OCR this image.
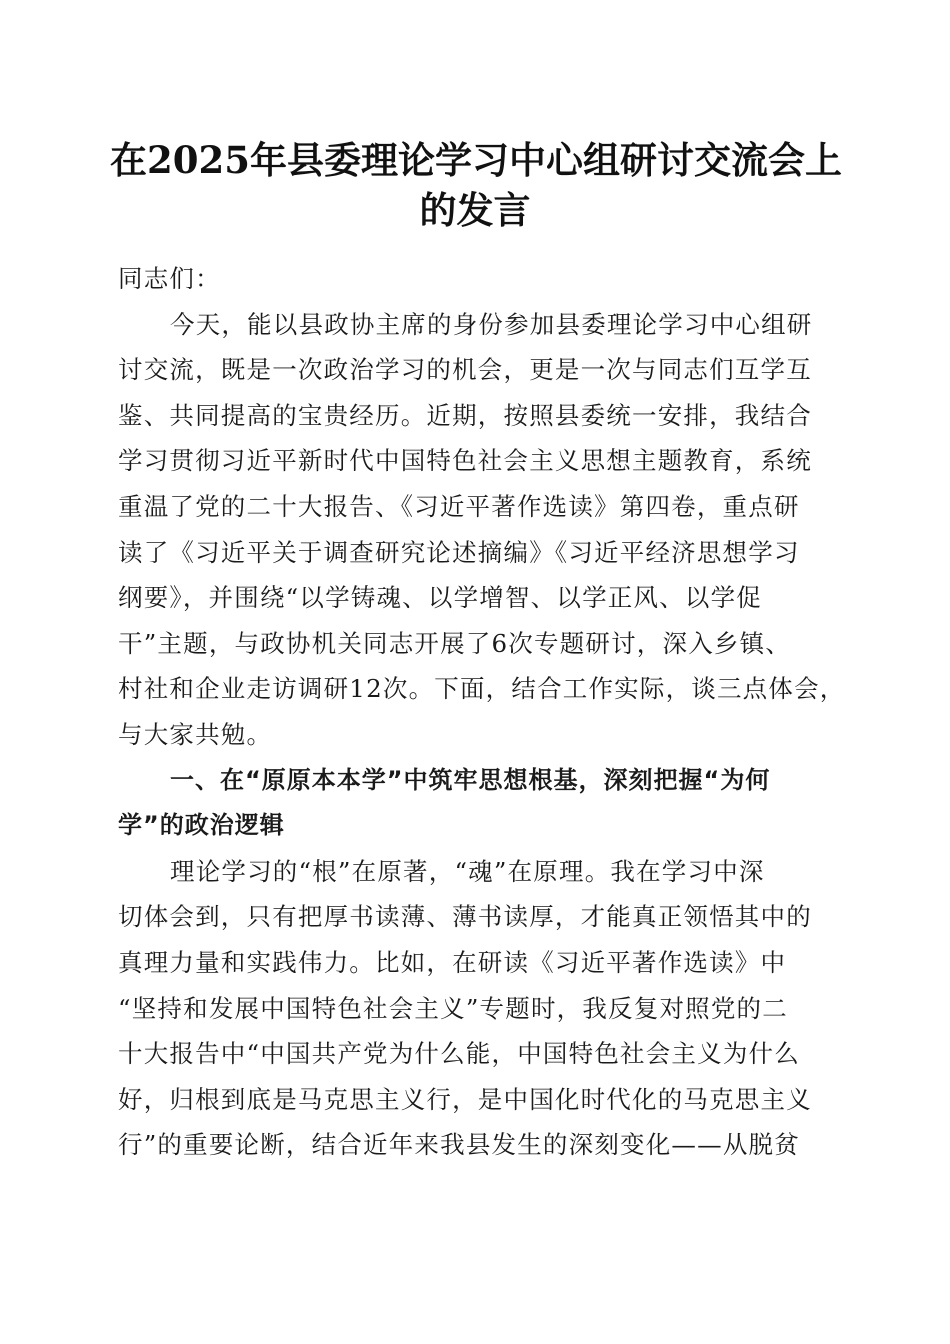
在2025年县委理论学习中心组研讨交流会上
的发言
同志们：
今天，能以县政协主席的身份参加县委理论学习中心组研
讨交流，既是一次政治学习的机会，更是一次与同志们互学互
鉴、共同提高的宝贵经历。近期，按照县委统一安排，我结合
学习贯彻习近平新时代中国特色社会主义思想主题教育，系统
重温了党的二十大报告、《习近平著作选读》第四卷，重点研
读了《习近平关于调查研究论述摘编》《习近平经济思想学习
纲要》，并围绕“以学铸魂、以学增智、以学正风、以学促
干”主题，与政协机关同志开展了6次专题研讨，深入乡镇、
村社和企业走访调研12次。下面，结合工作实际，谈三点体会，
与大家共勉。
一、在“原原本本学”中筑牢思想根基，深刻把握“为何
学”的政治逻辑
理论学习的“根”在原著，“魂”在原理。我在学习中深
切体会到，只有把厚书读薄、薄书读厚，才能真正领悟其中的
真理力量和实践伟力。比如，在研读《习近平著作选读》中
“坚持和发展中国特色社会主义”专题时，我反复对照党的二
十大报告中“中国共产党为什么能，中国特色社会主义为什么
好，归根到底是马克思主义行，是中国化时代化的马克思主义
行”的重要论断，结合近年来我县发生的深刻变化——从脱贫
